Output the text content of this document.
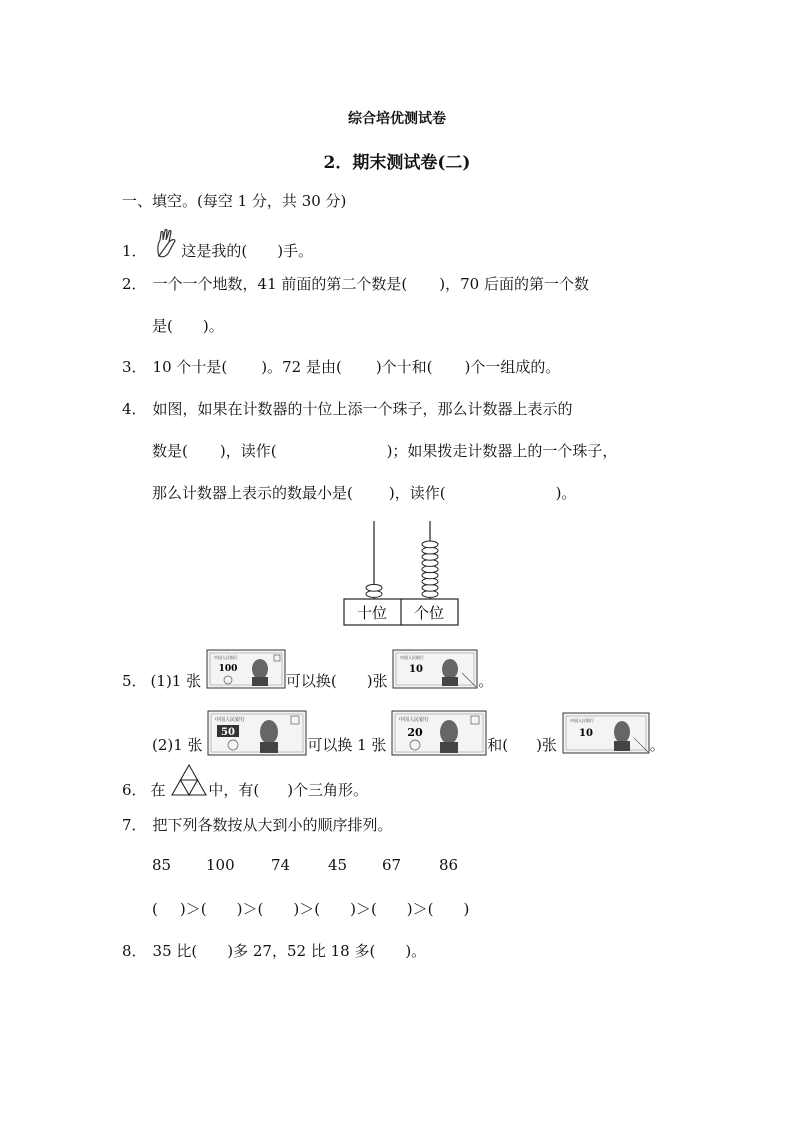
综合培优测试卷
2．期末测试卷(二)
一、填空。(每空 1 分，共 30 分)
1． 这是我的( )手。
2． 一个一个地数，41 前面的第二个数是( )，70 后面的第一个数
是( )。
3． 10 个十是( )。72 是由( )个十和( )个一组成的。
4． 如图，如果在计数器的十位上添一个珠子，那么计数器上表示的
数是( )，读作(	)；如果拨走计数器上的一个珠子，
那么计数器上表示的数最小是( )，读作(	)。
十位 个位
5． (1)1 张
中国人民银行
100
可以换( )张
中国人民银行
10
。
(2)1 张
中国人民银行
50
可以换 1 张
中国人民银行
20
和( )张
中国人民银行
10
。
6． 在	中，有( )个三角形。
7． 把下列各数按从大到小的顺序排列。
85 100 74	45 67	86
( )＞( )＞( )＞( )＞( )＞( )
8． 35 比( )多 27，52 比 18 多( )。
